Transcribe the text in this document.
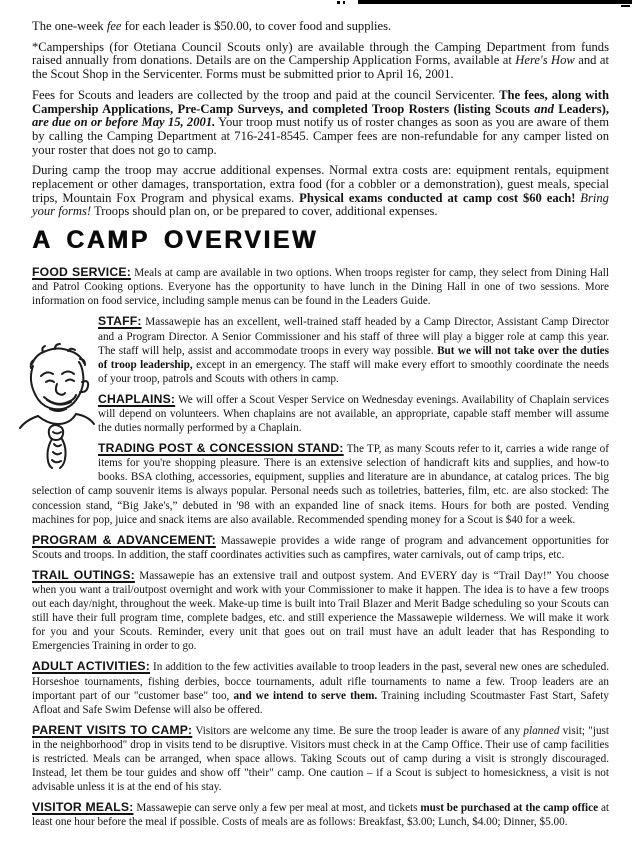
The one-week fee for each leader is $50.00, to cover food and supplies.

*Camperships (for Otetiana Council Scouts only) are available through the Camping Department from funds raised annually from donations. Details are on the Campership Application Forms, available at Here's How and at the Scout Shop in the Servicenter. Forms must be submitted prior to April 16, 2001.

Fees for Scouts and leaders are collected by the troop and paid at the council Servicenter. The fees, along with Campership Applications, Pre-Camp Surveys, and completed Troop Rosters (listing Scouts and Leaders), are due on or before May 15, 2001. Your troop must notify us of roster changes as soon as you are aware of them by calling the Camping Department at 716-241-8545. Camper fees are non-refundable for any camper listed on your roster that does not go to camp.

During camp the troop may accrue additional expenses. Normal extra costs are: equipment rentals, equipment replacement or other damages, transportation, extra food (for a cobbler or a demonstration), guest meals, special trips, Mountain Fox Program and physical exams. Physical exams conducted at camp cost $60 each! Bring your forms! Troops should plan on, or be prepared to cover, additional expenses.

A CAMP OVERVIEW

FOOD SERVICE: Meals at camp are available in two options. When troops register for camp, they select from Dining Hall and Patrol Cooking options. Everyone has the opportunity to have lunch in the Dining Hall in one of two sessions. More information on food service, including sample menus can be found in the Leaders Guide.

STAFF: Massawepie has an excellent, well-trained staff headed by a Camp Director, Assistant Camp Director and a Program Director. A Senior Commissioner and his staff of three will play a bigger role at camp this year. The staff will help, assist and accommodate troops in every way possible. But we will not take over the duties of troop leadership, except in an emergency. The staff will make every effort to smoothly coordinate the needs of your troop, patrols and Scouts with others in camp.

CHAPLAINS: We will offer a Scout Vesper Service on Wednesday evenings. Availability of Chaplain services will depend on volunteers. When chaplains are not available, an appropriate, capable staff member will assume the duties normally performed by a Chaplain.

TRADING POST & CONCESSION STAND: The TP, as many Scouts refer to it, carries a wide range of items for you're shopping pleasure. There is an extensive selection of handicraft kits and supplies, and how-to books. BSA clothing, accessories, equipment, supplies and literature are in abundance, at catalog prices. The big selection of camp souvenir items is always popular. Personal needs such as toiletries, batteries, film, etc. are also stocked: The concession stand, “Big Jake's,” debuted in '98 with an expanded line of snack items. Hours for both are posted. Vending machines for pop, juice and snack items are also available. Recommended spending money for a Scout is $40 for a week.

PROGRAM & ADVANCEMENT: Massawepie provides a wide range of program and advancement opportunities for Scouts and troops. In addition, the staff coordinates activities such as campfires, water carnivals, out of camp trips, etc.

TRAIL OUTINGS: Massawepie has an extensive trail and outpost system. And EVERY day is “Trail Day!” You choose when you want a trail/outpost overnight and work with your Commissioner to make it happen. The idea is to have a few troops out each day/night, throughout the week. Make-up time is built into Trail Blazer and Merit Badge scheduling so your Scouts can still have their full program time, complete badges, etc. and still experience the Massawepie wilderness. We will make it work for you and your Scouts. Reminder, every unit that goes out on trail must have an adult leader that has Responding to Emergencies Training in order to go.

ADULT ACTIVITIES: In addition to the few activities available to troop leaders in the past, several new ones are scheduled. Horseshoe tournaments, fishing derbies, bocce tournaments, adult rifle tournaments to name a few. Troop leaders are an important part of our "customer base" too, and we intend to serve them. Training including Scoutmaster Fast Start, Safety Afloat and Safe Swim Defense will also be offered.

PARENT VISITS TO CAMP: Visitors are welcome any time. Be sure the troop leader is aware of any planned visit; "just in the neighborhood" drop in visits tend to be disruptive. Visitors must check in at the Camp Office. Their use of camp facilities is restricted. Meals can be arranged, when space allows. Taking Scouts out of camp during a visit is strongly discouraged. Instead, let them be tour guides and show off "their" camp. One caution – if a Scout is subject to homesickness, a visit is not advisable unless it is at the end of his stay.

VISITOR MEALS: Massawepie can serve only a few per meal at most, and tickets must be purchased at the camp office at least one hour before the meal if possible. Costs of meals are as follows: Breakfast, $3.00; Lunch, $4.00; Dinner, $5.00.
